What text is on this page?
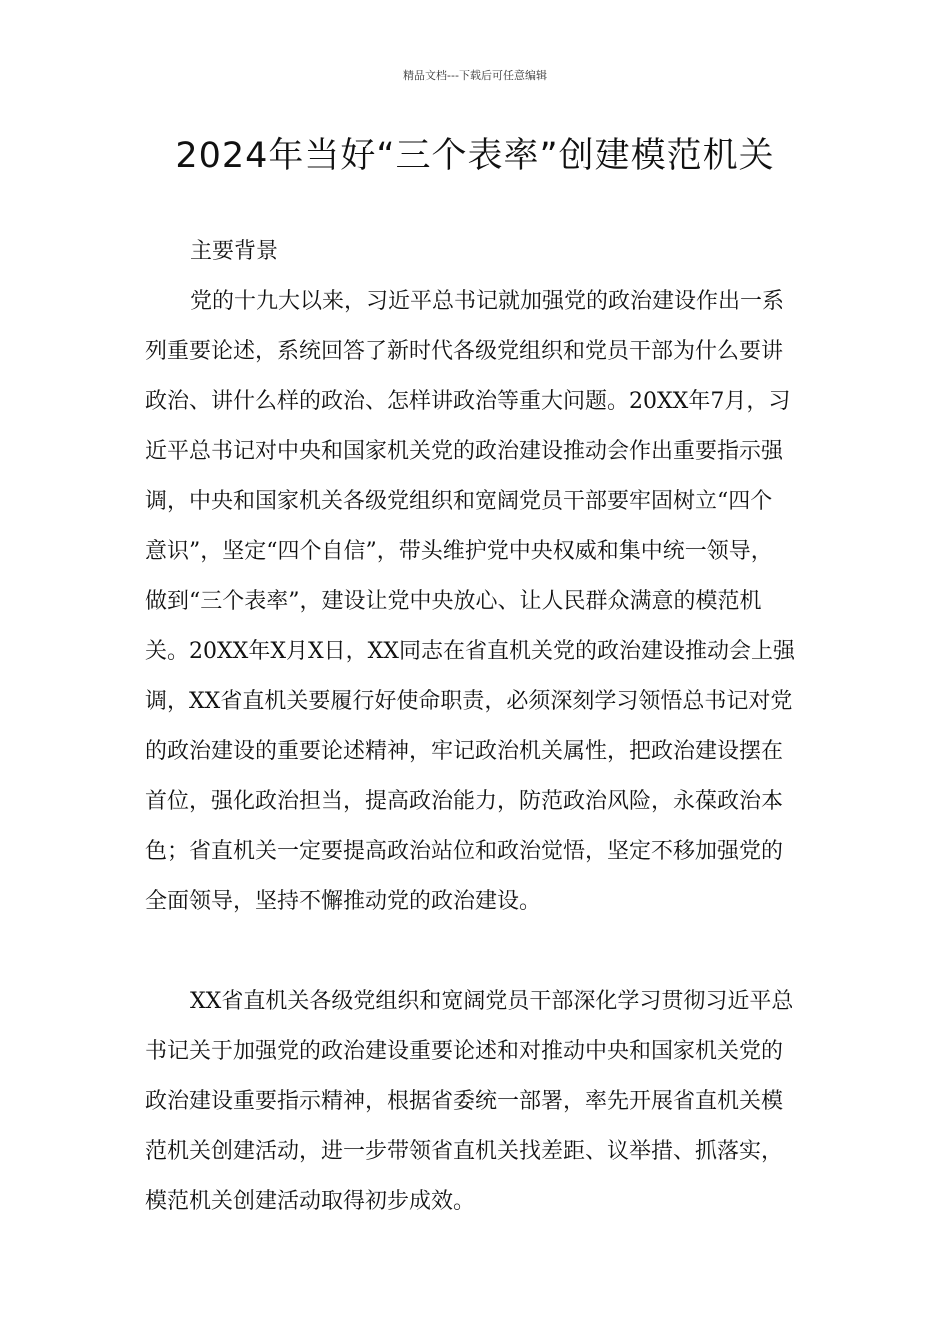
精品文档---下载后可任意编辑
2024年当好“三个表率”创建模范机关
主要背景
党的十九大以来，习近平总书记就加强党的政治建设作出一系
列重要论述，系统回答了新时代各级党组织和党员干部为什么要讲
政治、讲什么样的政治、怎样讲政治等重大问题。20XX年7月，习
近平总书记对中央和国家机关党的政治建设推动会作出重要指示强
调，中央和国家机关各级党组织和宽阔党员干部要牢固树立“四个
意识”，坚定“四个自信”，带头维护党中央权威和集中统一领导，
做到“三个表率”，建设让党中央放心、让人民群众满意的模范机
关。20XX年X月X日，XX同志在省直机关党的政治建设推动会上强
调，XX省直机关要履行好使命职责，必须深刻学习领悟总书记对党
的政治建设的重要论述精神，牢记政治机关属性，把政治建设摆在
首位，强化政治担当，提高政治能力，防范政治风险，永葆政治本
色；省直机关一定要提高政治站位和政治觉悟，坚定不移加强党的
全面领导，坚持不懈推动党的政治建设。
XX省直机关各级党组织和宽阔党员干部深化学习贯彻习近平总
书记关于加强党的政治建设重要论述和对推动中央和国家机关党的
政治建设重要指示精神，根据省委统一部署，率先开展省直机关模
范机关创建活动，进一步带领省直机关找差距、议举措、抓落实，
模范机关创建活动取得初步成效。
